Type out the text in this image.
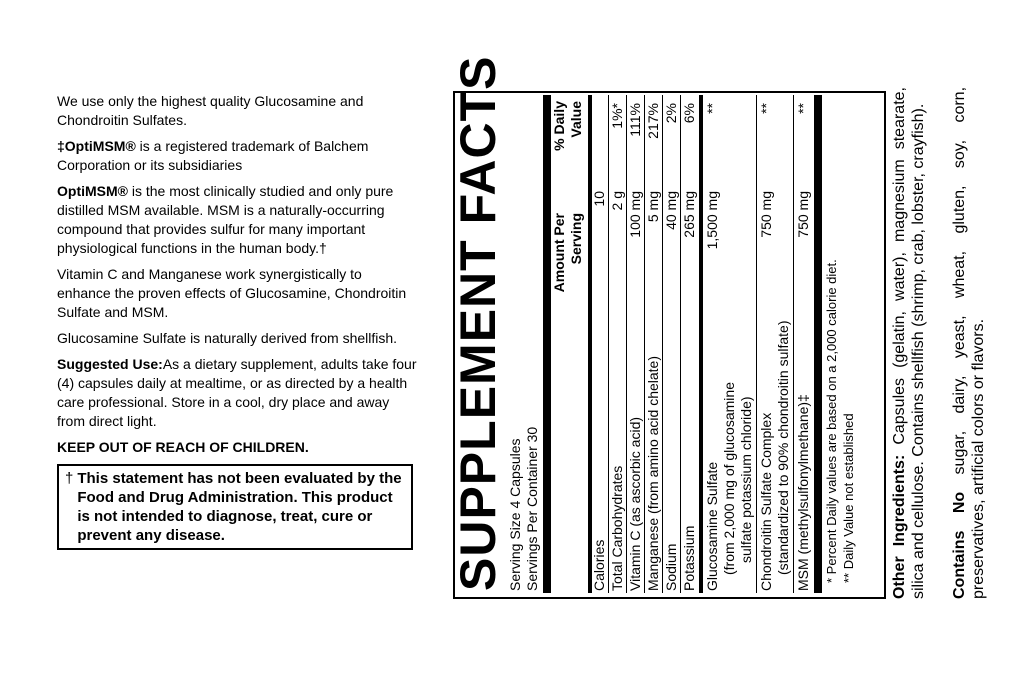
We use only the highest quality Glucosamine and Chondroitin Sulfates.

‡OptiMSM® is a registered trademark of Balchem Corporation or its subsidiaries

OptiMSM® is the most clinically studied and only pure distilled MSM available. MSM is a naturally-occurring compound that provides sulfur for many important physiological functions in the human body.†

Vitamin C and Manganese work synergistically to enhance the proven effects of Glucosamine, Chondroitin Sulfate and MSM.

Glucosamine Sulfate is naturally derived from shellfish.

Suggested Use:As a dietary supplement, adults take four (4) capsules daily at mealtime, or as directed by a health care professional. Store in a cool, dry place and away from direct light.

KEEP OUT OF REACH OF CHILDREN.

† This statement has not been evaluated by the Food and Drug Administration. This product is not intended to diagnose, treat, cure or prevent any disease.	SUPPLEMENT FACTS Serving Size 4 Capsules Servings Per Container 30
Amount Per Serving
% Daily Value
Calories
10
Total Carbohydrates
2 g
1%*
Vitamin C (as ascorbic acid)
100 mg
111%
Manganese (from amino acid chelate)
5 mg
217%
Sodium
40 mg
2%
Potassium
265 mg
6%
Glucosamine Sulfate
1,500 mg
**
(from 2,000 mg of glucosamine sulfate potassium chloride) Chondroitin Sulfate Complex
750 mg
**
(standardized to 90% chondroitin sulfate) MSM (methylsulfonylmethane)‡
750 mg
**
* Percent Daily values are based on a 2,000 calorie diet. ** Daily Value not established Other Ingredients: Capsules (gelatin, water), magnesium stearate, silica and cellulose. Contains shellfish (shrimp, crab, lobster, crayfish). Contains No sugar, dairy, yeast, wheat, gluten, soy, corn, preservatives, artificial colors or flavors.
